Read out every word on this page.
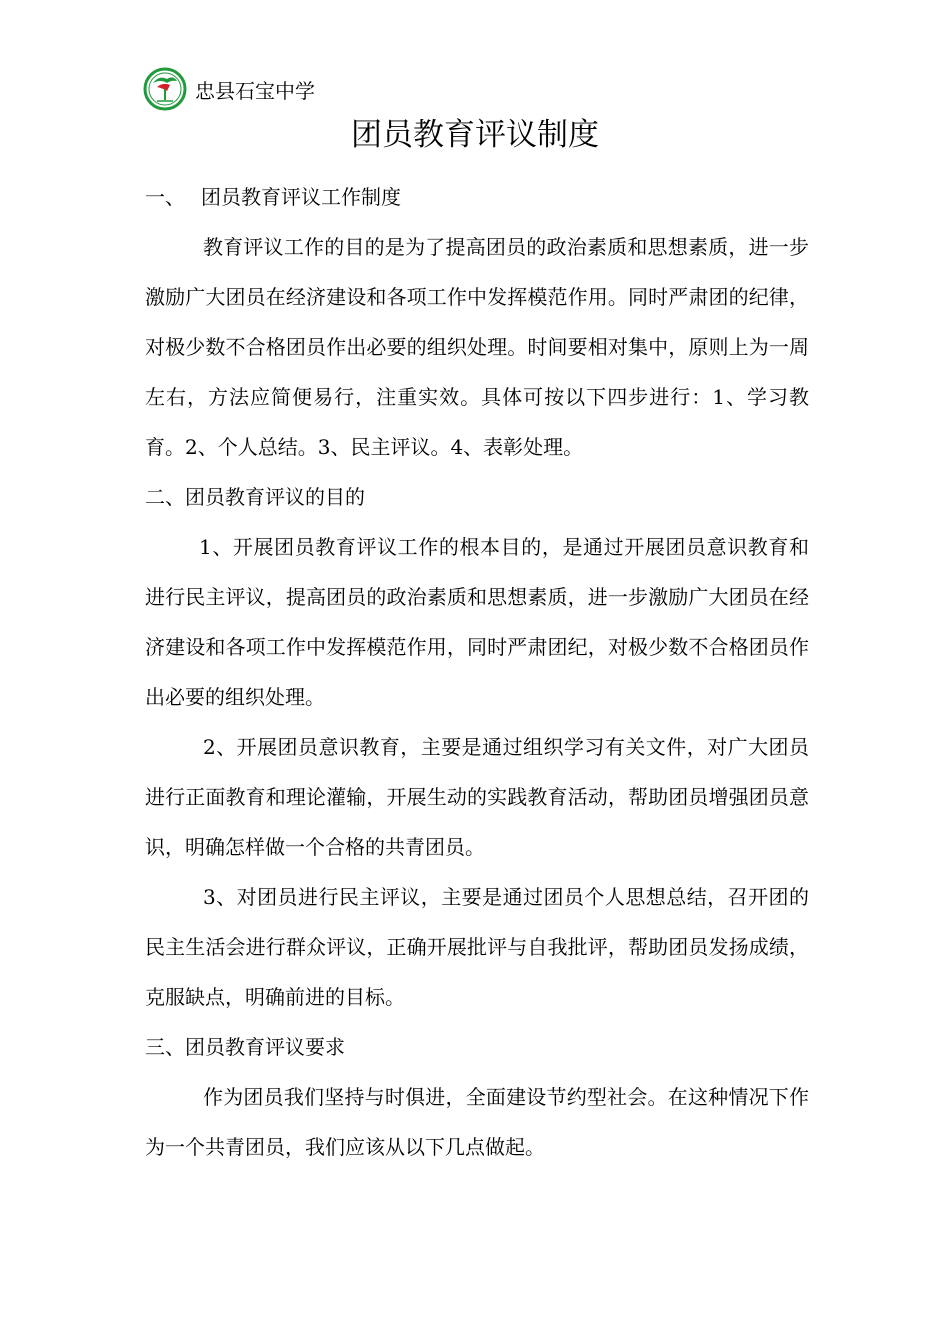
忠县石宝中学
团员教育评议制度

一、 团员教育评议工作制度

教育评议工作的目的是为了提高团员的政治素质和思想素质，进一步激励广大团员在经济建设和各项工作中发挥模范作用。同时严肃团的纪律，对极少数不合格团员作出必要的组织处理。时间要相对集中，原则上为一周左右，方法应简便易行，注重实效。具体可按以下四步进行：1、学习教育。2、个人总结。3、民主评议。4、表彰处理。

二、团员教育评议的目的

1、开展团员教育评议工作的根本目的，是通过开展团员意识教育和进行民主评议，提高团员的政治素质和思想素质，进一步激励广大团员在经济建设和各项工作中发挥模范作用，同时严肃团纪，对极少数不合格团员作出必要的组织处理。

2、开展团员意识教育，主要是通过组织学习有关文件，对广大团员进行正面教育和理论灌输，开展生动的实践教育活动，帮助团员增强团员意识，明确怎样做一个合格的共青团员。

3、对团员进行民主评议，主要是通过团员个人思想总结，召开团的民主生活会进行群众评议，正确开展批评与自我批评，帮助团员发扬成绩，克服缺点，明确前进的目标。

三、团员教育评议要求

作为团员我们坚持与时俱进，全面建设节约型社会。在这种情况下作为一个共青团员，我们应该从以下几点做起。
